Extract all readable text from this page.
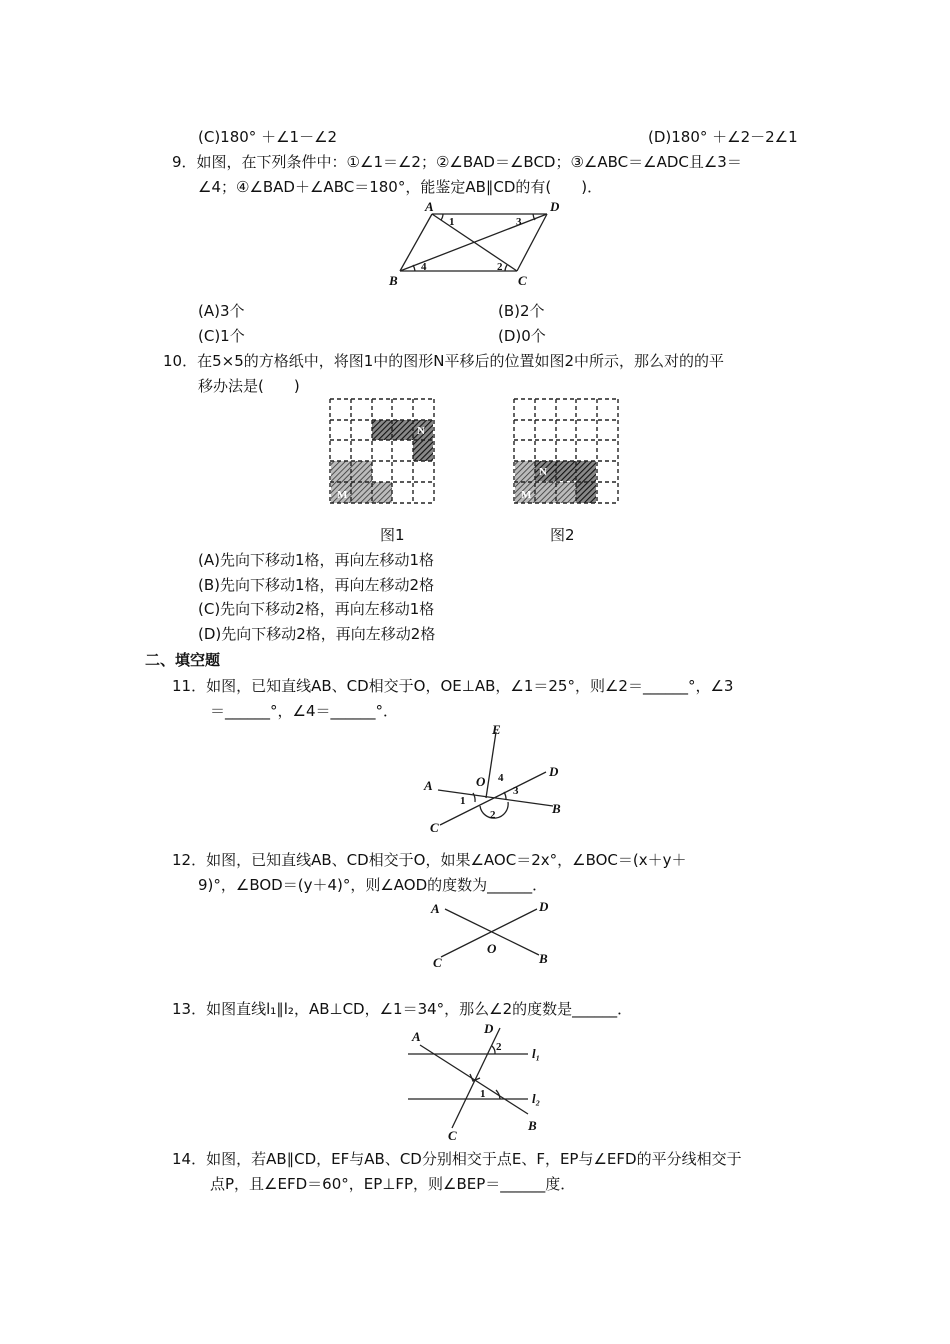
(C)180° ＋∠1－∠2	(D)180° ＋∠2－2∠1
9．如图，在下列条件中：①∠1＝∠2；②∠BAD＝∠BCD；③∠ABC＝∠ADC且∠3＝
∠4；④∠BAD＋∠ABC＝180°，能鉴定AB∥CD的有(　　)．
A	D
B	C
1
2
3
4
(A)3个	(B)2个
(C)1个	(D)0个
10．在5×5的方格纸中，将图1中的图形N平移后的位置如图2中所示，那么对的的平
移办法是(　　)
N
M
N
M
图1	图2
(A)先向下移动1格，再向左移动1格
(B)先向下移动1格，再向左移动2格
(C)先向下移动2格，再向左移动1格
(D)先向下移动2格，再向左移动2格
二、填空题
11．如图，已知直线AB、CD相交于O，OE⊥AB，∠1＝25°，则∠2＝______°，∠3
＝______°，∠4＝______°．
E
A
D
B
C
O
1
2
3
4
12．如图，已知直线AB、CD相交于O，如果∠AOC＝2x°，∠BOC＝(x＋y＋
9)°，∠BOD＝(y＋4)°，则∠AOD的度数为______．
A	D
C	B
O
13．如图直线l₁∥l₂，AB⊥CD，∠1＝34°，那么∠2的度数是______．
A
D
C
B
l₁
l₂
2
1
14．如图，若AB∥CD，EF与AB、CD分别相交于点E、F，EP与∠EFD的平分线相交于
点P，且∠EFD＝60°，EP⊥FP，则∠BEP＝______度．
